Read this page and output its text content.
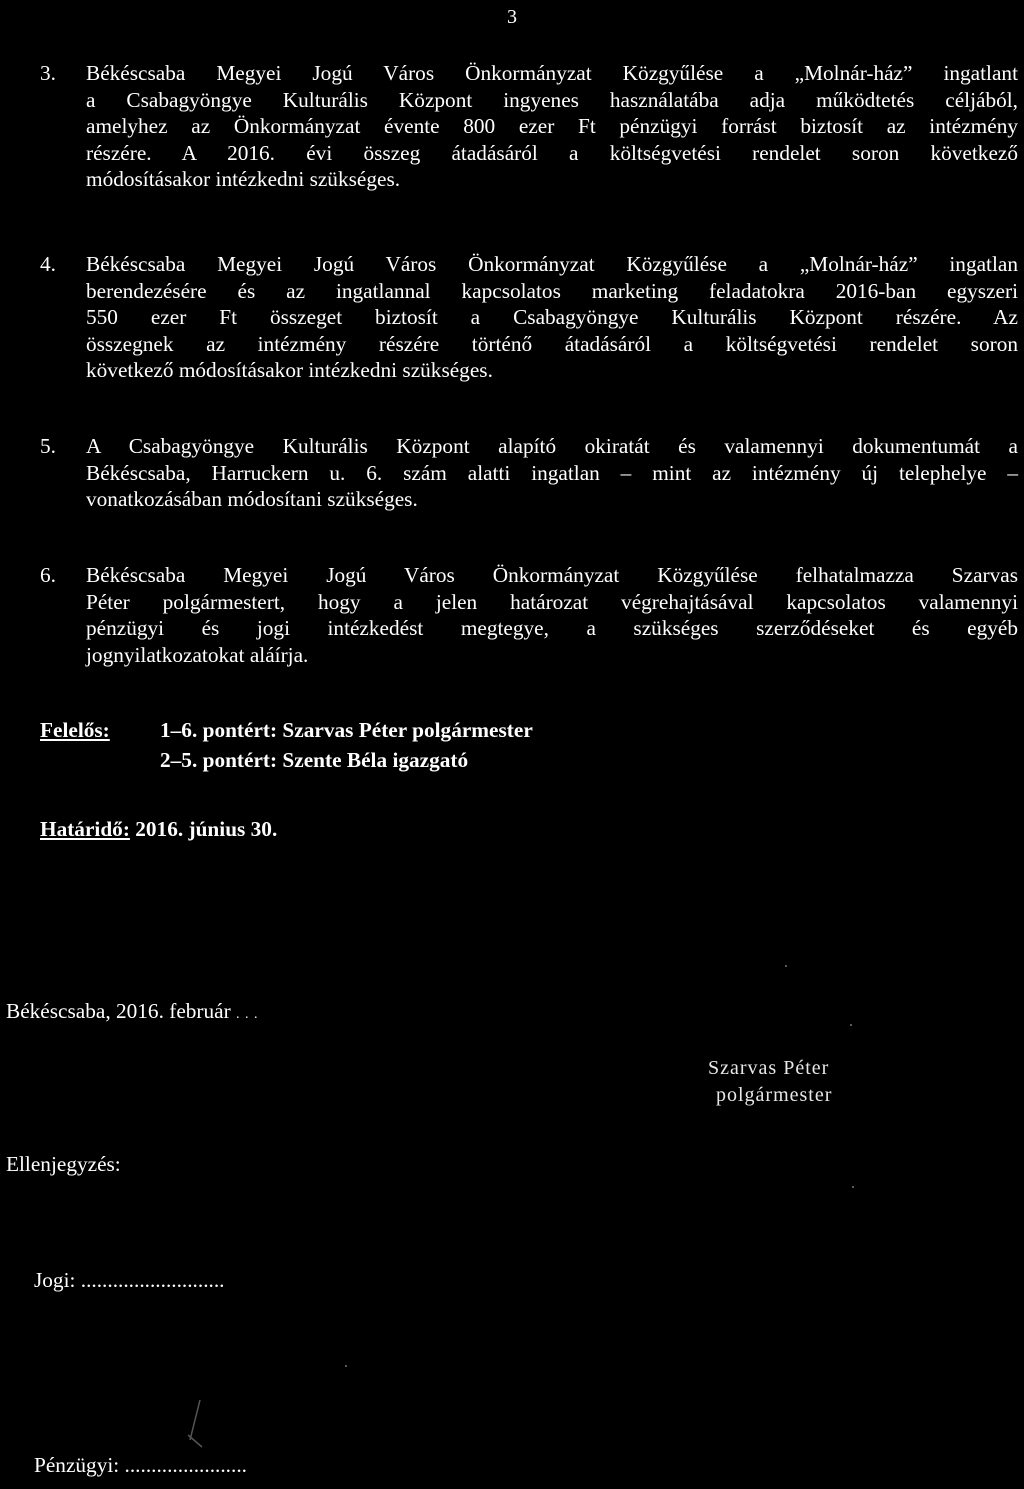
3
3.	Békéscsaba Megyei Jogú Város Önkormányzat Közgyűlése a „Molnár-ház” ingatlant
a Csabagyöngye Kulturális Központ ingyenes használatába adja működtetés céljából,
amelyhez az Önkormányzat évente 800 ezer Ft pénzügyi forrást biztosít az intézmény
részére. A 2016. évi összeg átadásáról a költségvetési rendelet soron következő
módosításakor intézkedni szükséges.

4.	Békéscsaba Megyei Jogú Város Önkormányzat Közgyűlése a „Molnár-ház” ingatlan
berendezésére és az ingatlannal kapcsolatos marketing feladatokra 2016-ban egyszeri
550 ezer Ft összeget biztosít a Csabagyöngye Kulturális Központ részére. Az
összegnek az intézmény részére történő átadásáról a költségvetési rendelet soron
következő módosításakor intézkedni szükséges.

5.	A Csabagyöngye Kulturális Központ alapító okiratát és valamennyi dokumentumát a
Békéscsaba, Harruckern u. 6. szám alatti ingatlan – mint az intézmény új telephelye –
vonatkozásában módosítani szükséges.

6.	Békéscsaba Megyei Jogú Város Önkormányzat Közgyűlése felhatalmazza Szarvas
Péter polgármestert, hogy a jelen határozat végrehajtásával kapcsolatos valamennyi
pénzügyi és jogi intézkedést megtegye, a szükséges szerződéseket és egyéb
jognyilatkozatokat aláírja.

Felelős: 1–6. pontért: Szarvas Péter polgármester
2–5. pontért: Szente Béla igazgató
Határidő: 2016. június 30.
Békéscsaba, 2016. február . . .
Szarvas Péter
polgármester
Ellenjegyzés:
Jogi: ...........................
Pénzügyi: .......................
